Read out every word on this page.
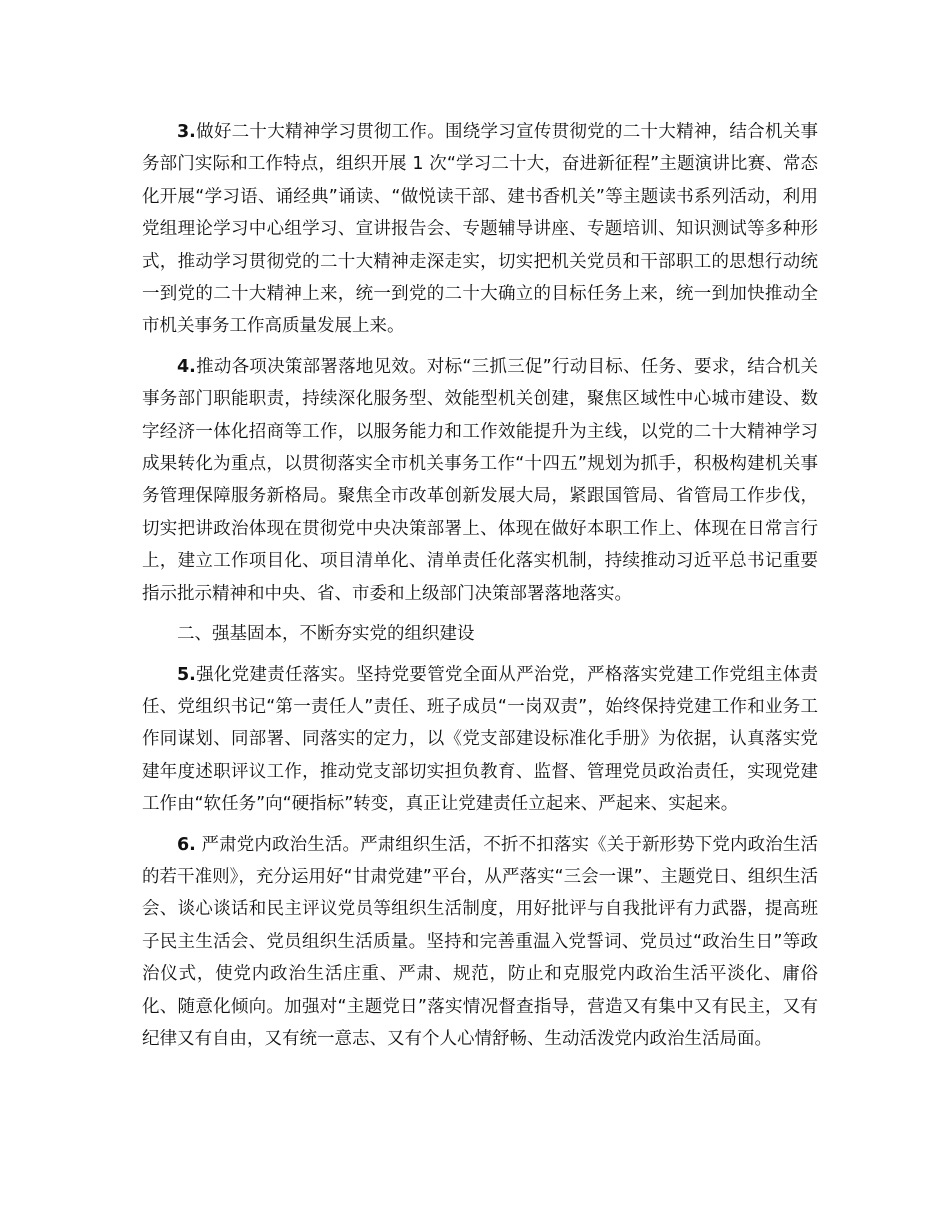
3.做好二十大精神学习贯彻工作。围绕学习宣传贯彻党的二十大精神，结合机关事务部门实际和工作特点，组织开展 1 次“学习二十大，奋进新征程”主题演讲比赛、常态化开展“学习语、诵经典”诵读、“做悦读干部、建书香机关”等主题读书系列活动，利用党组理论学习中心组学习、宣讲报告会、专题辅导讲座、专题培训、知识测试等多种形式，推动学习贯彻党的二十大精神走深走实，切实把机关党员和干部职工的思想行动统一到党的二十大精神上来，统一到党的二十大确立的目标任务上来，统一到加快推动全市机关事务工作高质量发展上来。

4.推动各项决策部署落地见效。对标“三抓三促”行动目标、任务、要求，结合机关事务部门职能职责，持续深化服务型、效能型机关创建，聚焦区域性中心城市建设、数字经济一体化招商等工作，以服务能力和工作效能提升为主线，以党的二十大精神学习成果转化为重点，以贯彻落实全市机关事务工作“十四五”规划为抓手，积极构建机关事务管理保障服务新格局。聚焦全市改革创新发展大局，紧跟国管局、省管局工作步伐，切实把讲政治体现在贯彻党中央决策部署上、体现在做好本职工作上、体现在日常言行上，建立工作项目化、项目清单化、清单责任化落实机制，持续推动习近平总书记重要指示批示精神和中央、省、市委和上级部门决策部署落地落实。

二、强基固本，不断夯实党的组织建设

5.强化党建责任落实。坚持党要管党全面从严治党，严格落实党建工作党组主体责任、党组织书记“第一责任人”责任、班子成员“一岗双责”，始终保持党建工作和业务工作同谋划、同部署、同落实的定力，以《党支部建设标准化手册》为依据，认真落实党建年度述职评议工作，推动党支部切实担负教育、监督、管理党员政治责任，实现党建工作由“软任务”向“硬指标”转变，真正让党建责任立起来、严起来、实起来。

6. 严肃党内政治生活。严肃组织生活，不折不扣落实《关于新形势下党内政治生活的若干准则》，充分运用好“甘肃党建”平台，从严落实“三会一课”、主题党日、组织生活会、谈心谈话和民主评议党员等组织生活制度，用好批评与自我批评有力武器，提高班子民主生活会、党员组织生活质量。坚持和完善重温入党誓词、党员过“政治生日”等政治仪式，使党内政治生活庄重、严肃、规范，防止和克服党内政治生活平淡化、庸俗化、随意化倾向。加强对“主题党日”落实情况督查指导，营造又有集中又有民主，又有纪律又有自由，又有统一意志、又有个人心情舒畅、生动活泼党内政治生活局面。
